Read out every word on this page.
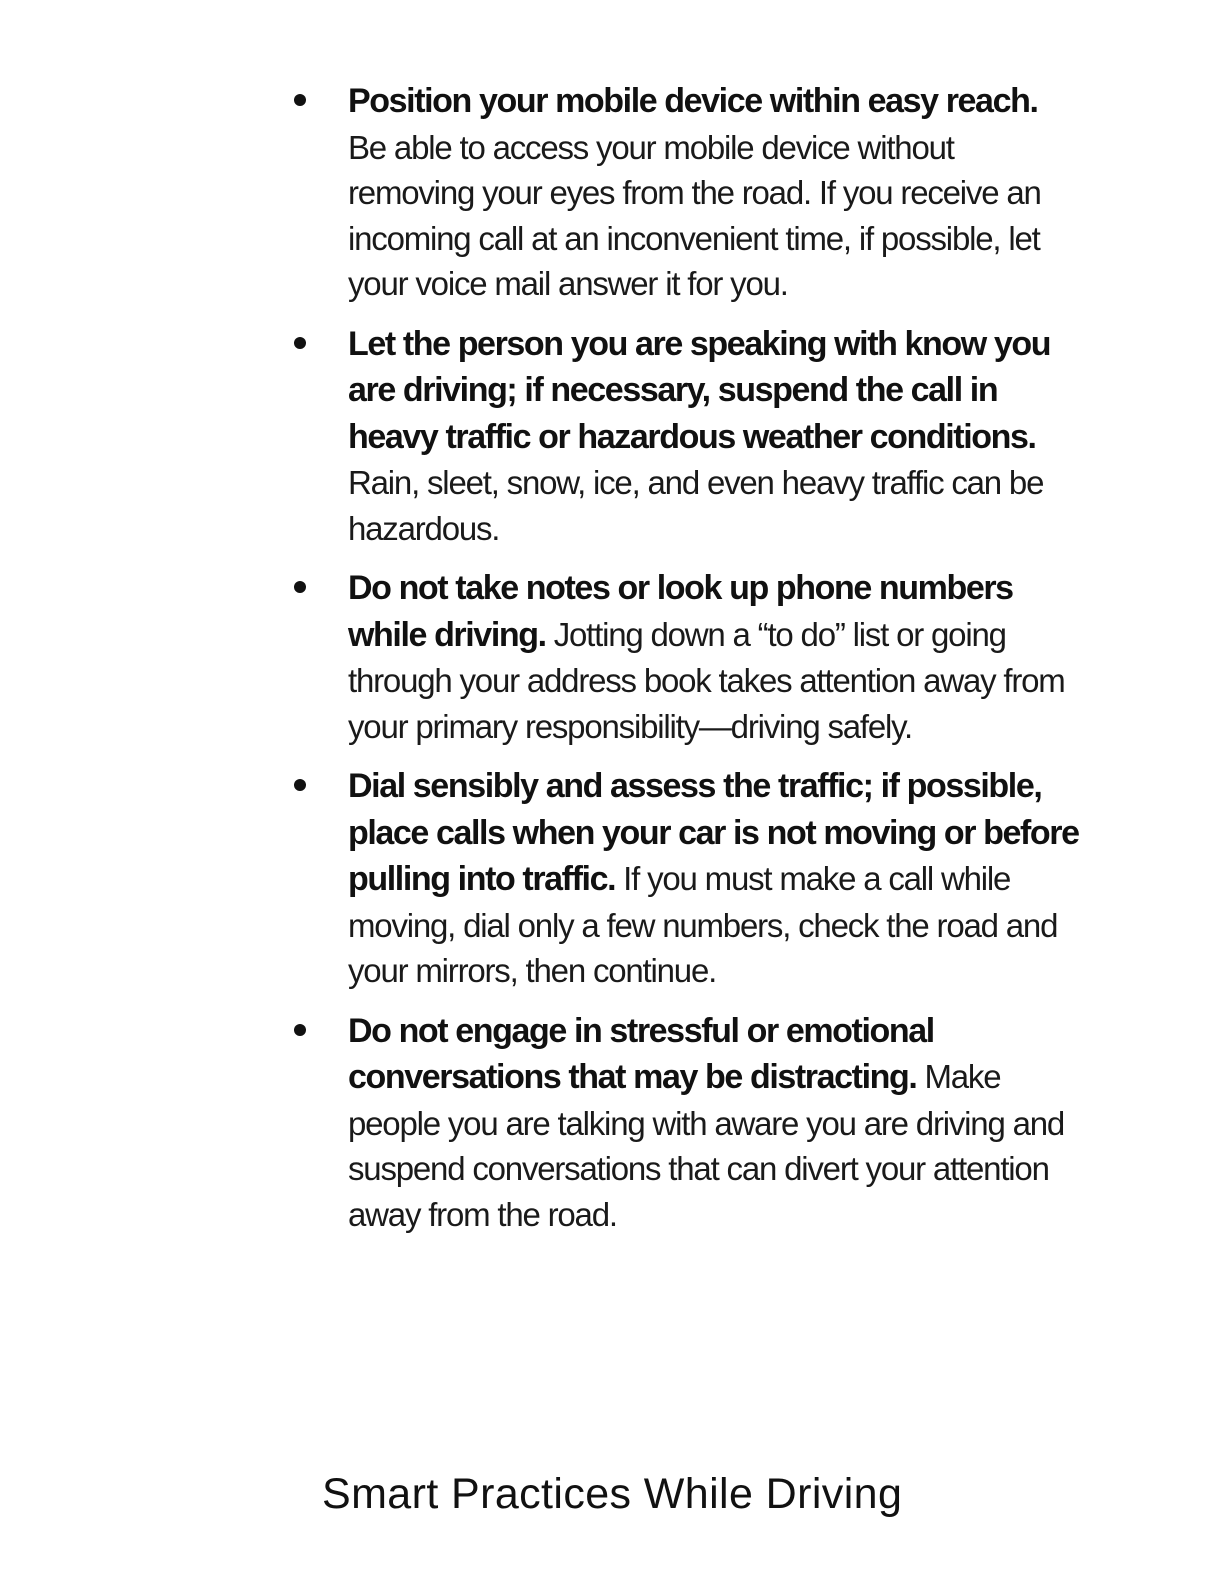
Position your mobile device within easy reach. Be able to access your mobile device without removing your eyes from the road. If you receive an incoming call at an inconvenient time, if possible, let your voice mail answer it for you.
Let the person you are speaking with know you are driving; if necessary, suspend the call in heavy traffic or hazardous weather conditions. Rain, sleet, snow, ice, and even heavy traffic can be hazardous.
Do not take notes or look up phone numbers while driving. Jotting down a “to do” list or going through your address book takes attention away from your primary responsibility—driving safely.
Dial sensibly and assess the traffic; if possible, place calls when your car is not moving or before pulling into traffic. If you must make a call while moving, dial only a few numbers, check the road and your mirrors, then continue.
Do not engage in stressful or emotional conversations that may be distracting. Make people you are talking with aware you are driving and suspend conversations that can divert your attention away from the road.
Smart Practices While Driving
